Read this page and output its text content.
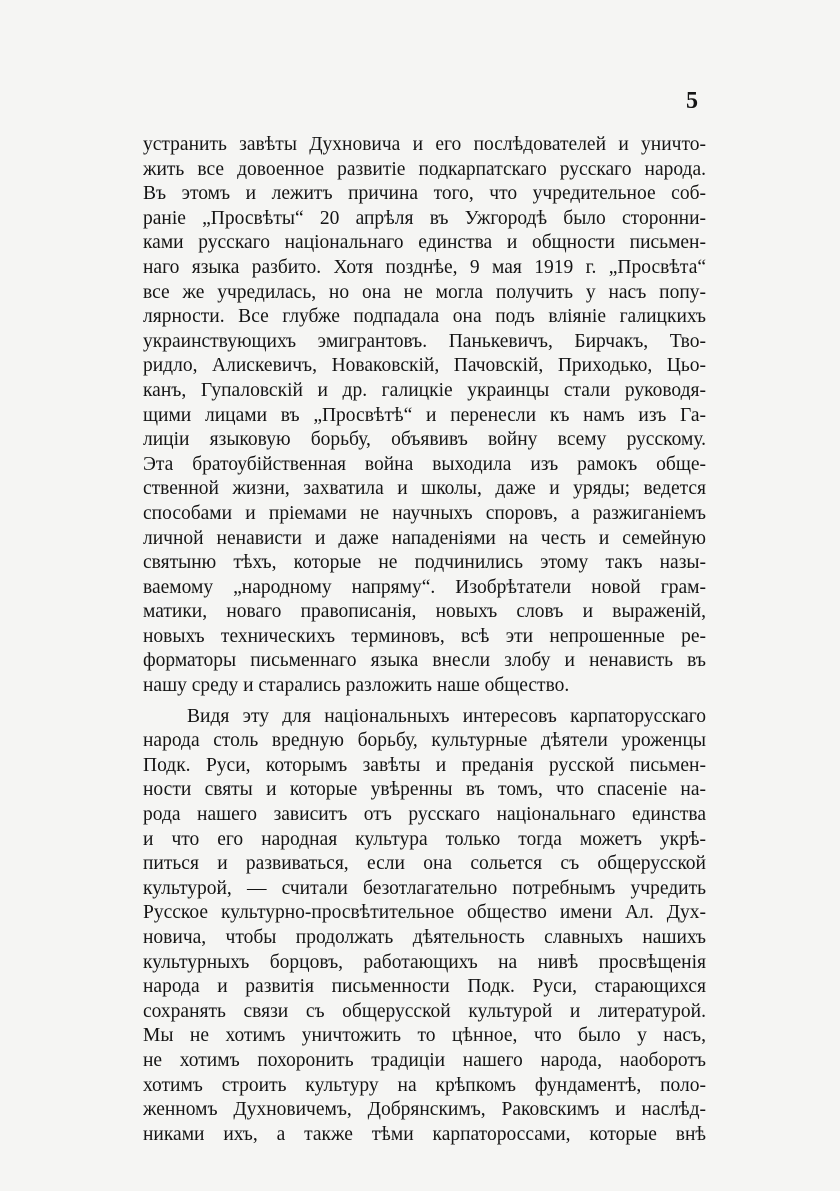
5

устранить завѣты Духновича и его послѣдователей и уничто-
жить все довоенное развитіе подкарпатскаго русскаго народа.
Въ этомъ и лежитъ причина того, что учредительное соб-
раніе „Просвѣты“ 20 апрѣля въ Ужгородѣ было сторонни-
ками русскаго національнаго единства и общности письмен-
наго языка разбито. Хотя позднѣе, 9 мая 1919 г. „Просвѣта“
все же учредилась, но она не могла получить у насъ попу-
лярности. Все глубже подпадала она подъ вліяніе галицкихъ
украинствующихъ эмигрантовъ. Панькевичъ, Бирчакъ, Тво-
ридло, Алискевичъ, Новаковскій, Пачовскій, Приходько, Цьо-
канъ, Гупаловскій и др. галицкіе украинцы стали руководя-
щими лицами въ „Просвѣтѣ“ и перенесли къ намъ изъ Га-
лиціи языковую борьбу, объявивъ войну всему русскому.
Эта братоубійственная война выходила изъ рамокъ обще-
ственной жизни, захватила и школы, даже и уряды; ведется
способами и пріемами не научныхъ споровъ, а разжиганіемъ
личной ненависти и даже нападеніями на честь и семейную
святыню тѣхъ, которые не подчинились этому такъ назы-
ваемому „народному напряму“. Изобрѣтатели новой грам-
матики, новаго правописанія, новыхъ словъ и выраженій,
новыхъ техническихъ терминовъ, всѣ эти непрошенные ре-
форматоры письменнаго языка внесли злобу и ненависть въ
нашу среду и старались разложить наше общество.

Видя эту для національныхъ интересовъ карпаторусскаго
народа столь вредную борьбу, культурные дѣятели уроженцы
Подк. Руси, которымъ завѣты и преданія русской письмен-
ности святы и которые увѣренны въ томъ, что спасеніе на-
рода нашего зависитъ отъ русскаго національнаго единства
и что его народная культура только тогда можетъ укрѣ-
питься и развиваться, если она сольется съ общерусской
культурой, — считали безотлагательно потребнымъ учредить
Русское культурно-просвѣтительное общество имени Ал. Дух-
новича, чтобы продолжать дѣятельность славныхъ нашихъ
культурныхъ борцовъ, работающихъ на нивѣ просвѣщенія
народа и развитія письменности Подк. Руси, старающихся
сохранять связи съ общерусской культурой и литературой.
Мы не хотимъ уничтожить то цѣнное, что было у насъ,
не хотимъ похоронить традиціи нашего народа, наоборотъ
хотимъ строить культуру на крѣпкомъ фундаментѣ, поло-
женномъ Духновичемъ, Добрянскимъ, Раковскимъ и наслѣд-
никами ихъ, а также тѣми карпатороссами, которые внѣ
